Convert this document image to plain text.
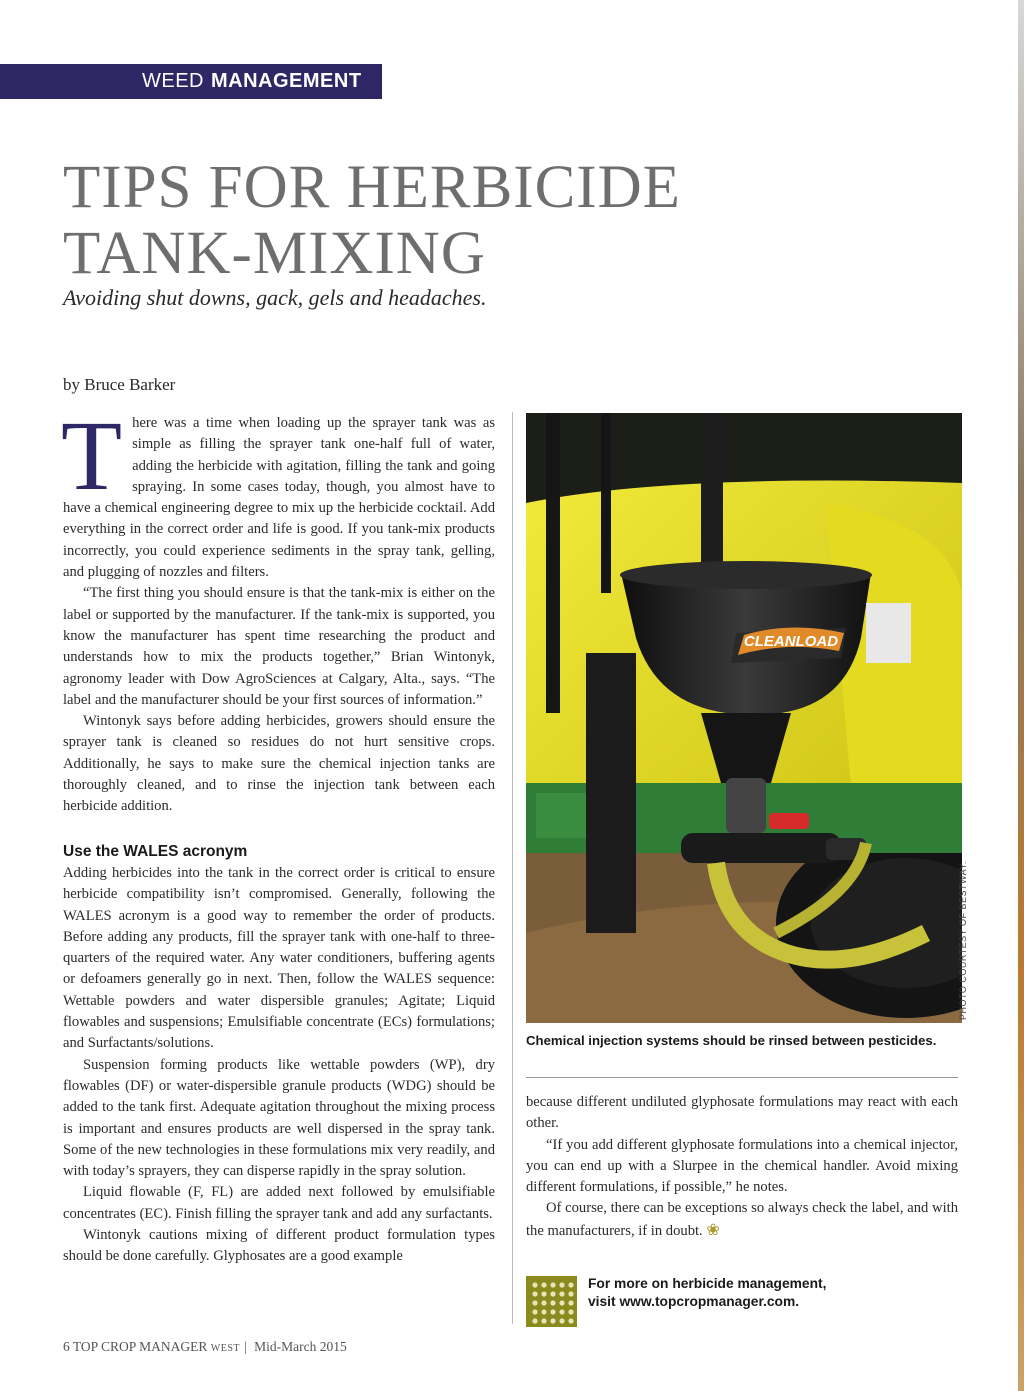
WEED MANAGEMENT
TIPS FOR HERBICIDE
TANK-MIXING
Avoiding shut downs, gack, gels and headaches.
by Bruce Barker

There was a time when loading up the sprayer tank was as simple as filling the sprayer tank one-half full of water, adding the herbicide with agitation, filling the tank and going spraying. In some cases today, though, you almost have to have a chemical engineering degree to mix up the herbicide cocktail. Add everything in the correct order and life is good. If you tank-mix products incorrectly, you could experience sediments in the spray tank, gelling, and plugging of nozzles and filters.

“The first thing you should ensure is that the tank-mix is either on the label or supported by the manufacturer. If the tank-mix is supported, you know the manufacturer has spent time researching the product and understands how to mix the products together,” Brian Wintonyk, agronomy leader with Dow AgroSciences at Calgary, Alta., says. “The label and the manufacturer should be your first sources of information.”

Wintonyk says before adding herbicides, growers should ensure the sprayer tank is cleaned so residues do not hurt sensitive crops. Additionally, he says to make sure the chemical injection tanks are thoroughly cleaned, and to rinse the injection tank between each herbicide addition.

Use the WALES acronym

Adding herbicides into the tank in the correct order is critical to ensure herbicide compatibility isn’t compromised. Generally, following the WALES acronym is a good way to remember the order of products. Before adding any products, fill the sprayer tank with one-half to three-quarters of the required water. Any water conditioners, buffering agents or defoamers generally go in next. Then, follow the WALES sequence: Wettable powders and water dispersible granules; Agitate; Liquid flowables and suspensions; Emulsifiable concentrate (ECs) formulations; and Surfactants/solutions.

Suspension forming products like wettable powders (WP), dry flowables (DF) or water-dispersible granule products (WDG) should be added to the tank first. Adequate agitation throughout the mixing process is important and ensures products are well dispersed in the spray tank. Some of the new technologies in these formulations mix very readily, and with today’s sprayers, they can disperse rapidly in the spray solution.

Liquid flowable (F, FL) are added next followed by emulsifiable concentrates (EC). Finish filling the sprayer tank and add any surfactants.

Wintonyk cautions mixing of different product formulation types should be done carefully. Glyphosates are a good example

CLEANLOAD
PHOTO COURTESY OF BESTWAY.
Chemical injection systems should be rinsed between pesticides.

because different undiluted glyphosate formulations may react with each other.

“If you add different glyphosate formulations into a chemical injector, you can end up with a Slurpee in the chemical handler. Avoid mixing different formulations, if possible,” he notes.

Of course, there can be exceptions so always check the label, and with the manufacturers, if in doubt. ❀

For more on herbicide management,
visit www.topcropmanager.com.
6 TOP CROP MANAGER WEST | Mid-March 2015
